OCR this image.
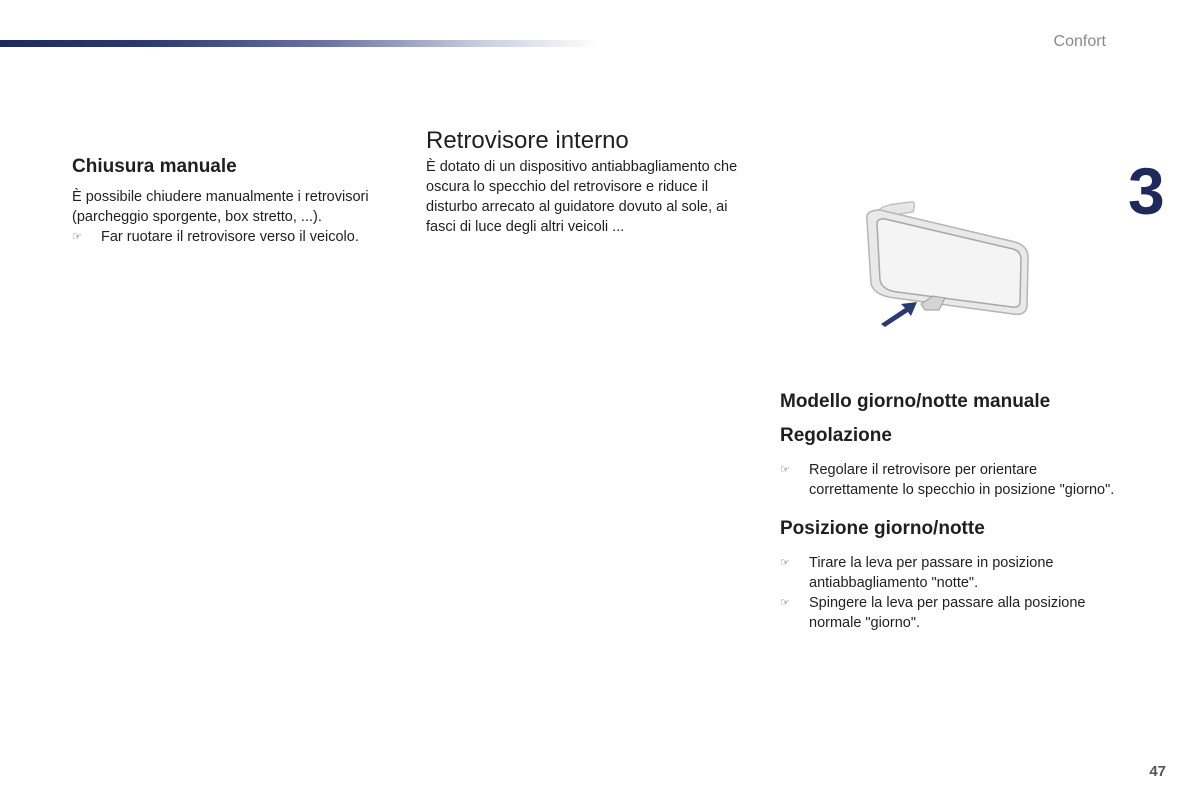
Confort
3
Chiusura manuale

È possibile chiudere manualmente i retrovisori (parcheggio sporgente, box stretto, ...).

☞ Far ruotare il retrovisore verso il veicolo.
Retrovisore interno

È dotato di un dispositivo antiabbagliamento che oscura lo specchio del retrovisore e riduce il disturbo arrecato al guidatore dovuto al sole, ai fasci di luce degli altri veicoli ...

Modello giorno/notte manuale
Regolazione
☞ Regolare il retrovisore per orientare correttamente lo specchio in posizione "giorno".
Posizione giorno/notte
☞ Tirare la leva per passare in posizione antiabbagliamento "notte".
☞ Spingere la leva per passare alla posizione normale "giorno".
47
